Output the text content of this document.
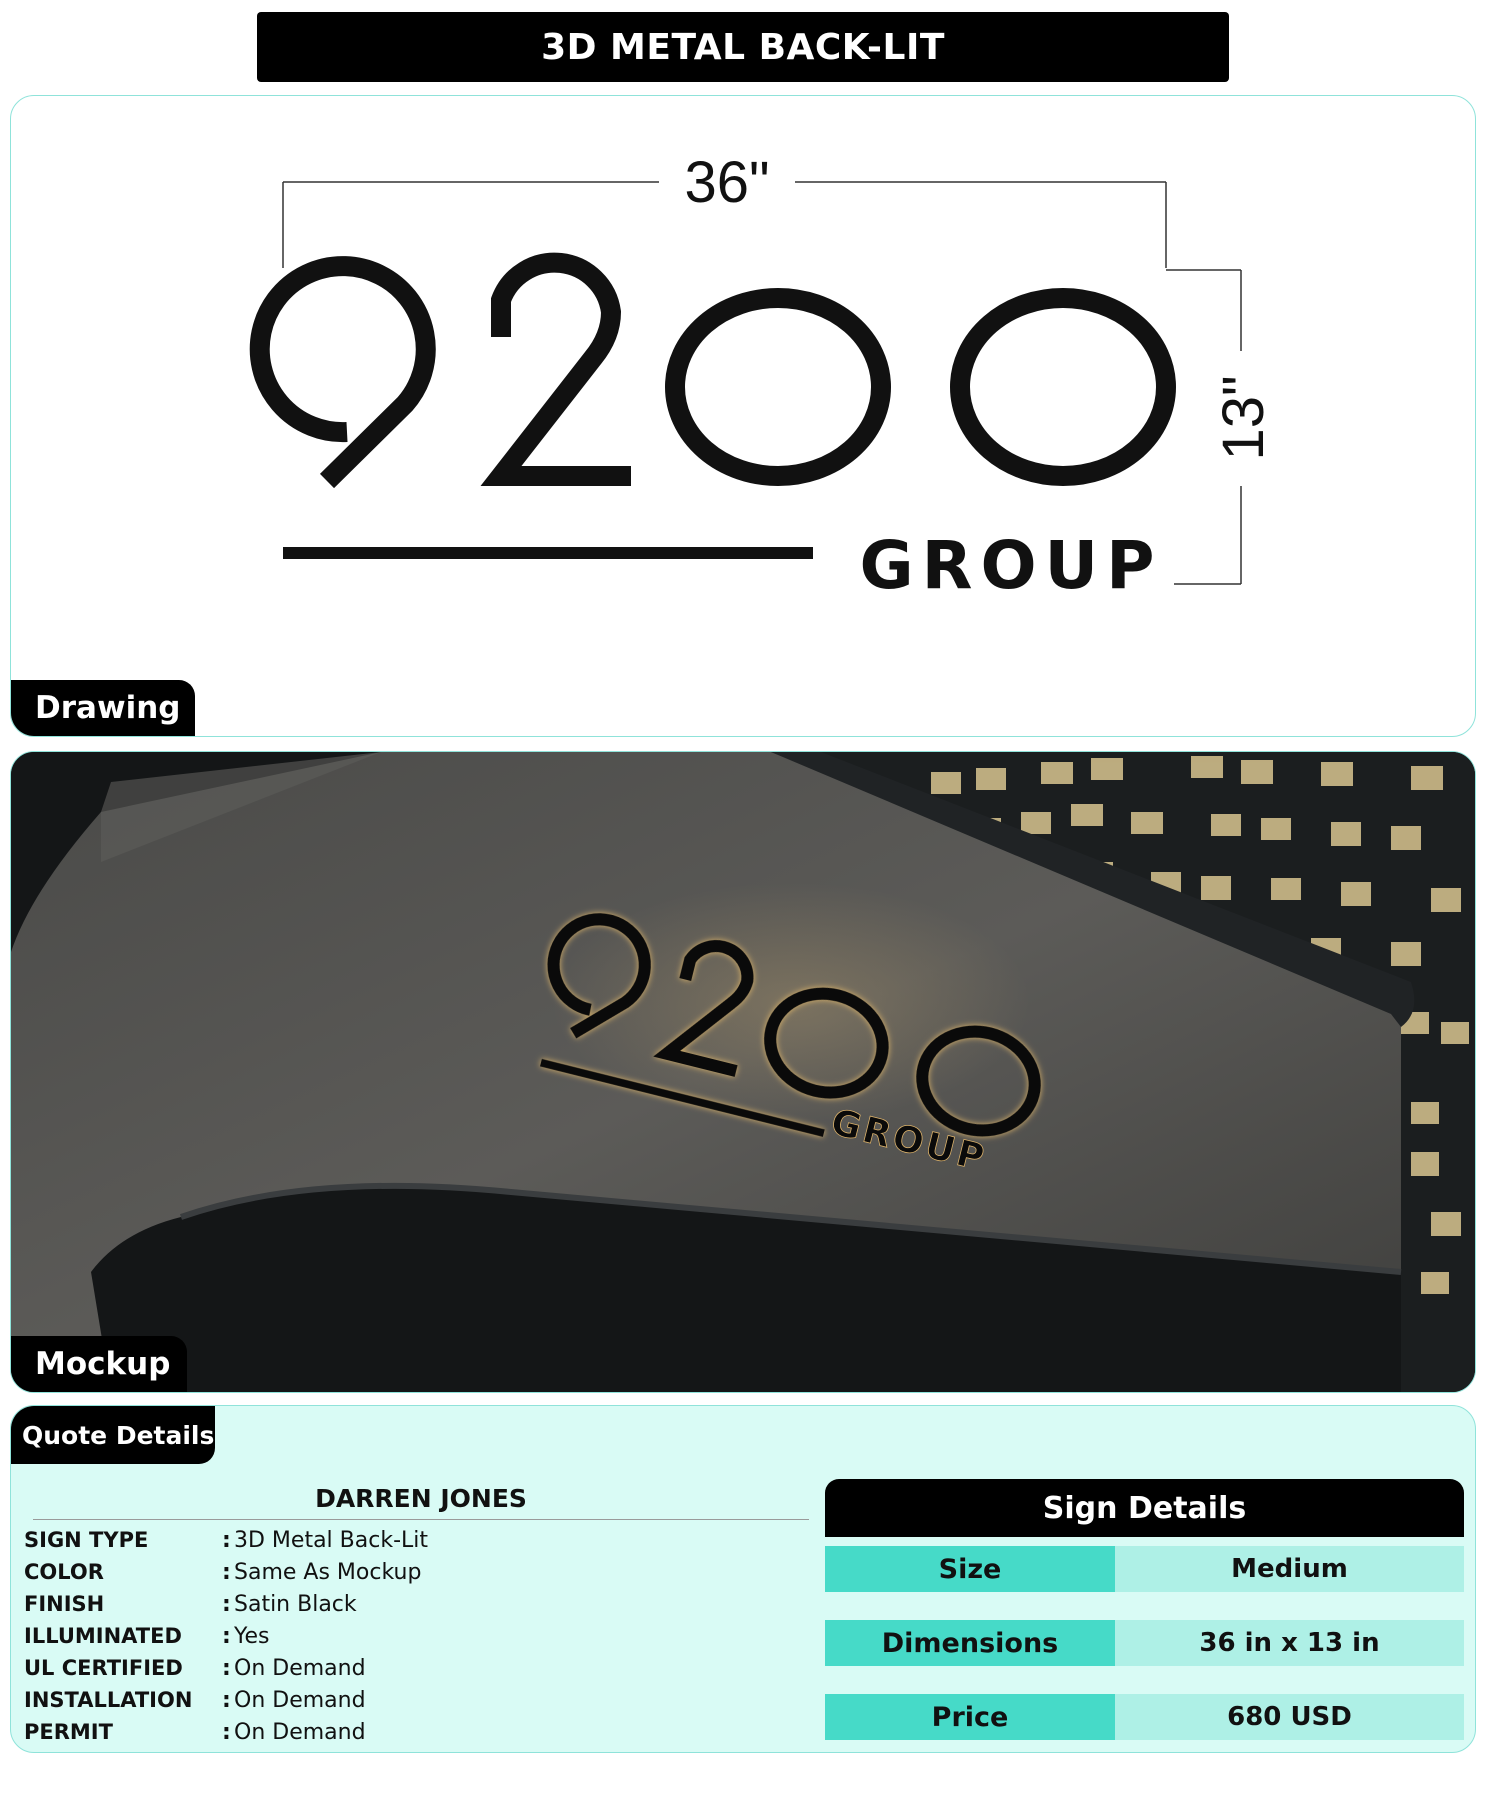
3D METAL BACK-LIT
36"
13"
GROUP
Drawing
GROUP
Mockup
Quote Details
DARREN JONES
SIGN TYPE	: 3D Metal Back-Lit
COLOR	: Same As Mockup
FINISH	: Satin Black
ILLUMINATED	: Yes
UL CERTIFIED	: On Demand
INSTALLATION	: On Demand
PERMIT	: On Demand
Sign Details
Size	Medium
Dimensions	36 in x 13 in
Price	680 USD
